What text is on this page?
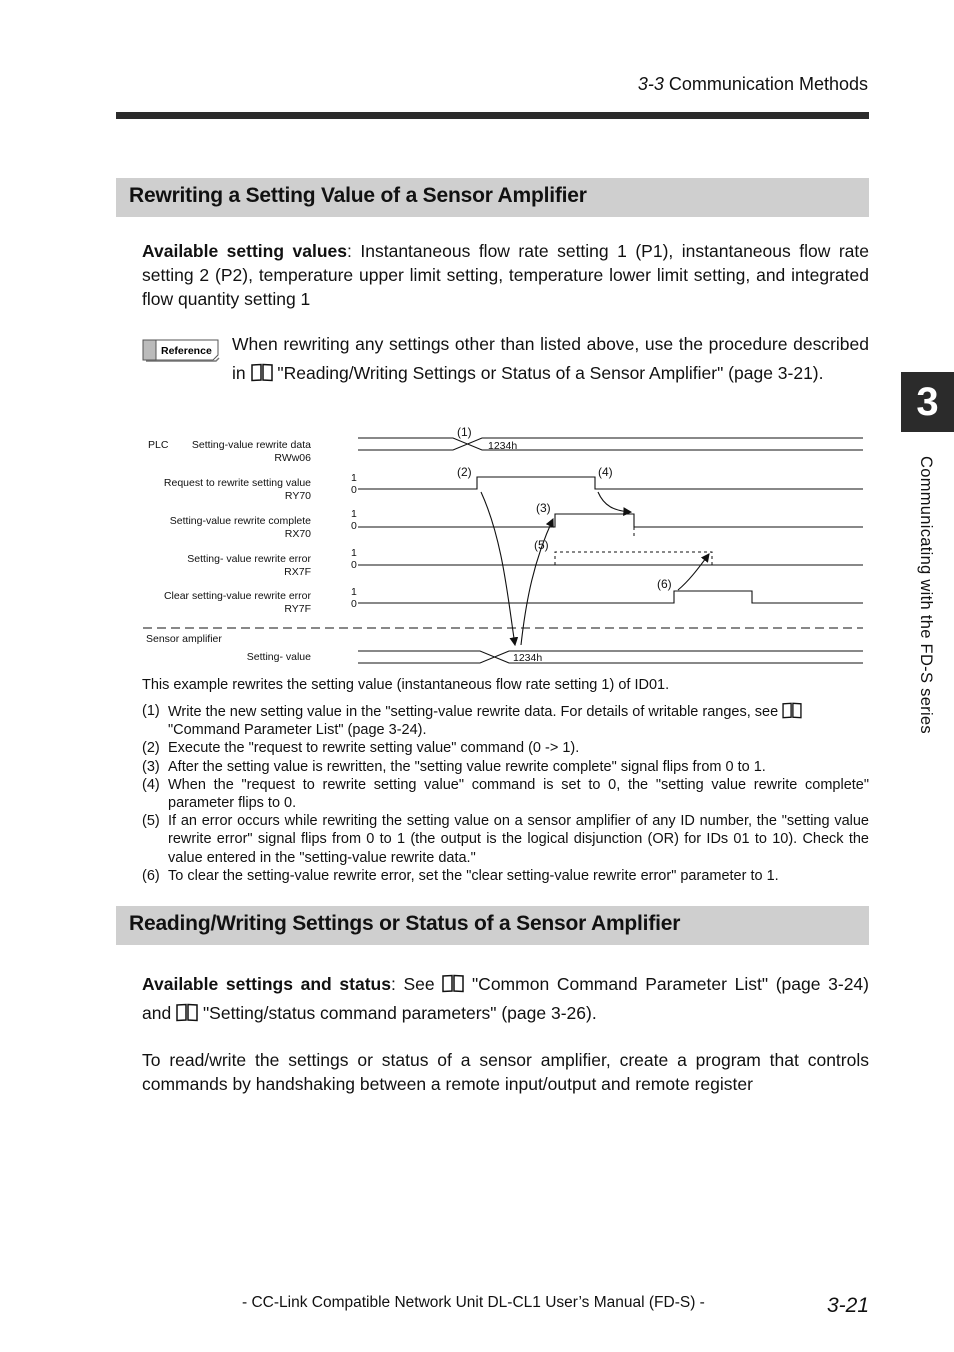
3-3 Communication Methods
3
Communicating with the FD-S series
Rewriting a Setting Value of a Sensor Amplifier
Available setting values: Instantaneous flow rate setting 1 (P1), instantaneous flow rate setting 2 (P2), temperature upper limit setting, temperature lower limit setting, and integrated flow quantity setting 1
Reference When rewriting any settings other than listed above, use the procedure described in "Reading/Writing Settings or Status of a Sensor Amplifier" (page 3-21).
PLC Setting-value rewrite data
RWw06
Request to rewrite setting value
RY70
Setting-value rewrite complete
RX70
Setting- value rewrite error
RX7F
Clear setting-value rewrite error
RY7F
Sensor amplifier
Setting- value
1
0
1
0
1
0
1
0
1234h
1234h
(1)
(2)
(3)
(4)
(5)
(6)
This example rewrites the setting value (instantaneous flow rate setting 1) of ID01.
(1) Write the new setting value in the "setting-value rewrite data. For details of writable ranges, see
"Command Parameter List" (page 3-24).
(2) Execute the "request to rewrite setting value" command (0 -> 1).
(3) After the setting value is rewritten, the "setting value rewrite complete" signal flips from 0 to 1.
(4) When the "request to rewrite setting value" command is set to 0, the "setting value rewrite complete" parameter flips to 0.
(5) If an error occurs while rewriting the setting value on a sensor amplifier of any ID number, the "setting value rewrite error" signal flips from 0 to 1 (the output is the logical disjunction (OR) for IDs 01 to 10). Check the value entered in the "setting-value rewrite data."
(6) To clear the setting-value rewrite error, set the "clear setting-value rewrite error" parameter to 1.
Reading/Writing Settings or Status of a Sensor Amplifier
Available settings and status: See "Common Command Parameter List" (page 3-24) and "Setting/status command parameters" (page 3-26).
To read/write the settings or status of a sensor amplifier, create a program that controls commands by handshaking between a remote input/output and remote register
- CC-Link Compatible Network Unit DL-CL1 User’s Manual (FD-S) -	3-21
